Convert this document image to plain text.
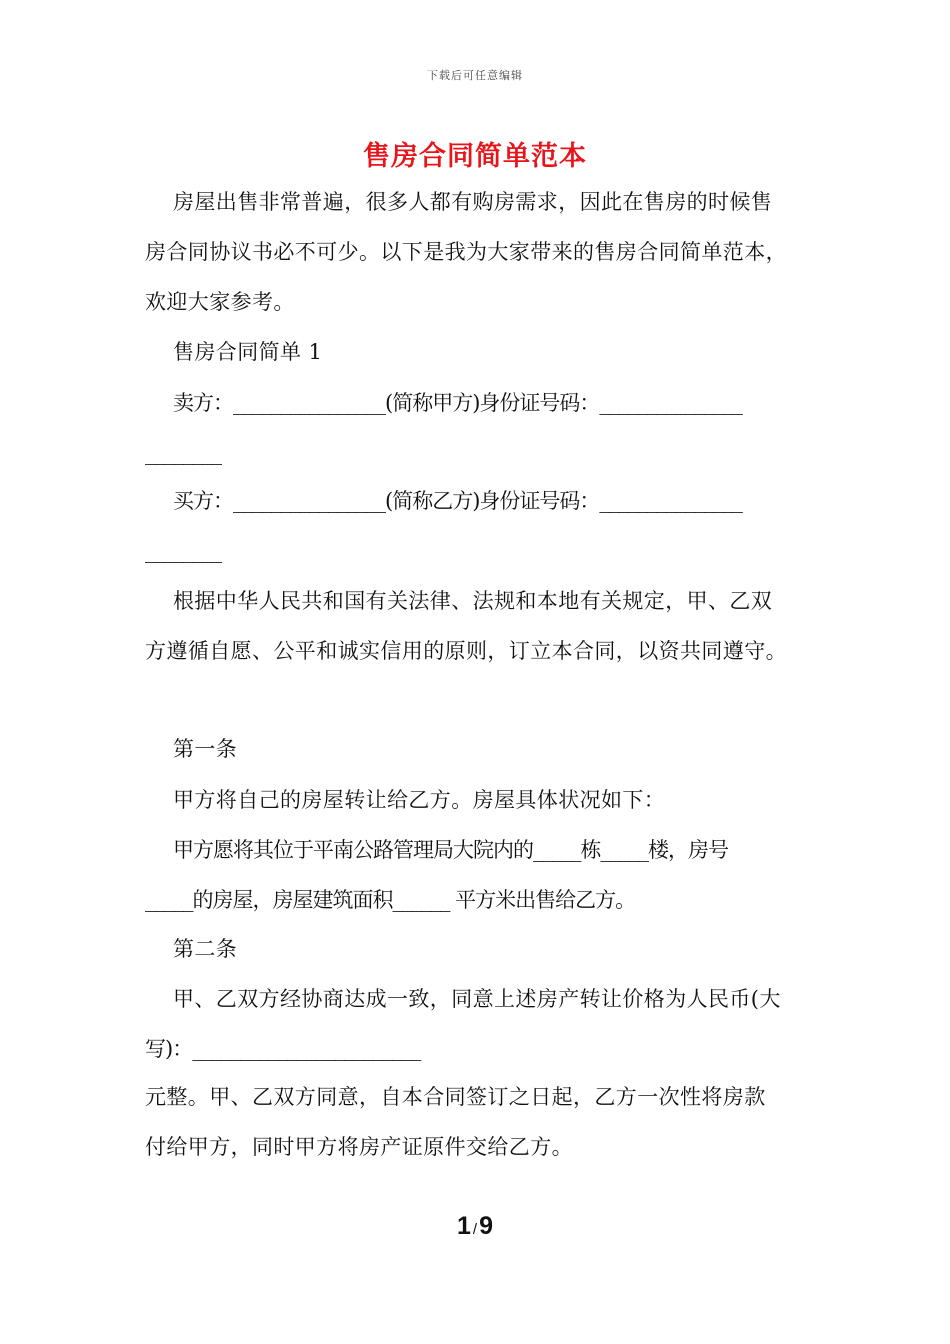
下载后可任意编辑
售房合同简单范本
房屋出售非常普遍，很多人都有购房需求，因此在售房的时候售
房合同协议书必不可少。以下是我为大家带来的售房合同简单范本，
欢迎大家参考。
售房合同简单 1
卖方：________________(简称甲方)身份证号码：_______________
________
买方：________________(简称乙方)身份证号码：_______________
________
根据中华人民共和国有关法律、法规和本地有关规定，甲、乙双
方遵循自愿、公平和诚实信用的原则，订立本合同，以资共同遵守。
第一条
甲方将自己的房屋转让给乙方。房屋具体状况如下：
甲方愿将其位于平南公路管理局大院内的_____栋_____楼，房号
_____的房屋，房屋建筑面积______ 平方米出售给乙方。
第二条
甲、乙双方经协商达成一致，同意上述房产转让价格为人民币(大
写)：________________________
元整。甲、乙双方同意，自本合同签订之日起，乙方一次性将房款
付给甲方，同时甲方将房产证原件交给乙方。
1 /9
